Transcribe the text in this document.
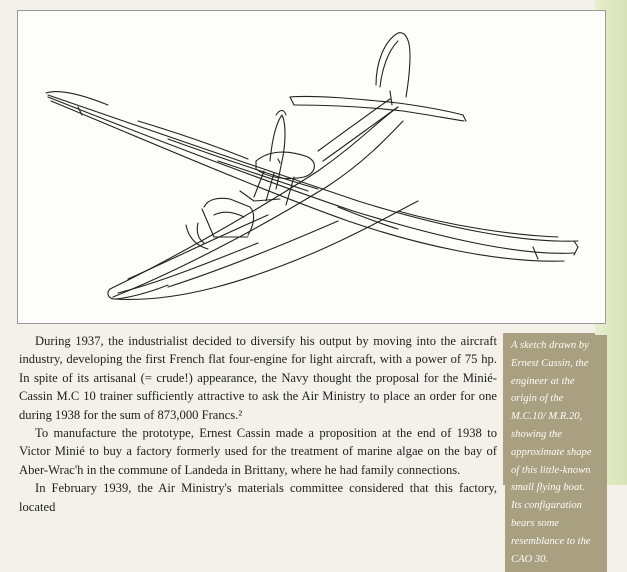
During 1937, the industrialist decided to diversify his output by moving into the aircraft industry, developing the first French flat four-engine for light aircraft, with a power of 75 hp. In spite of its artisanal (= crude!) appearance, the Navy thought the proposal for the Minié-Cassin M.C 10 trainer sufficiently attractive to ask the Air Ministry to place an order for one during 1938 for the sum of 873,000 Francs.²

To manufacture the prototype, Ernest Cassin made a proposition at the end of 1938 to Victor Minié to buy a factory formerly used for the treatment of marine algae on the bay of Aber-Wrac'h in the commune of Landeda in Brittany, where he had family connections.

In February 1939, the Air Ministry's materials committee considered that this factory, located

A sketch drawn by Ernest Cassin, the engineer at the origin of the M.C.10/ M.R.20, showing the approximate shape of this little-known small flying boat. Its configuration bears some resemblance to the CAO 30.
